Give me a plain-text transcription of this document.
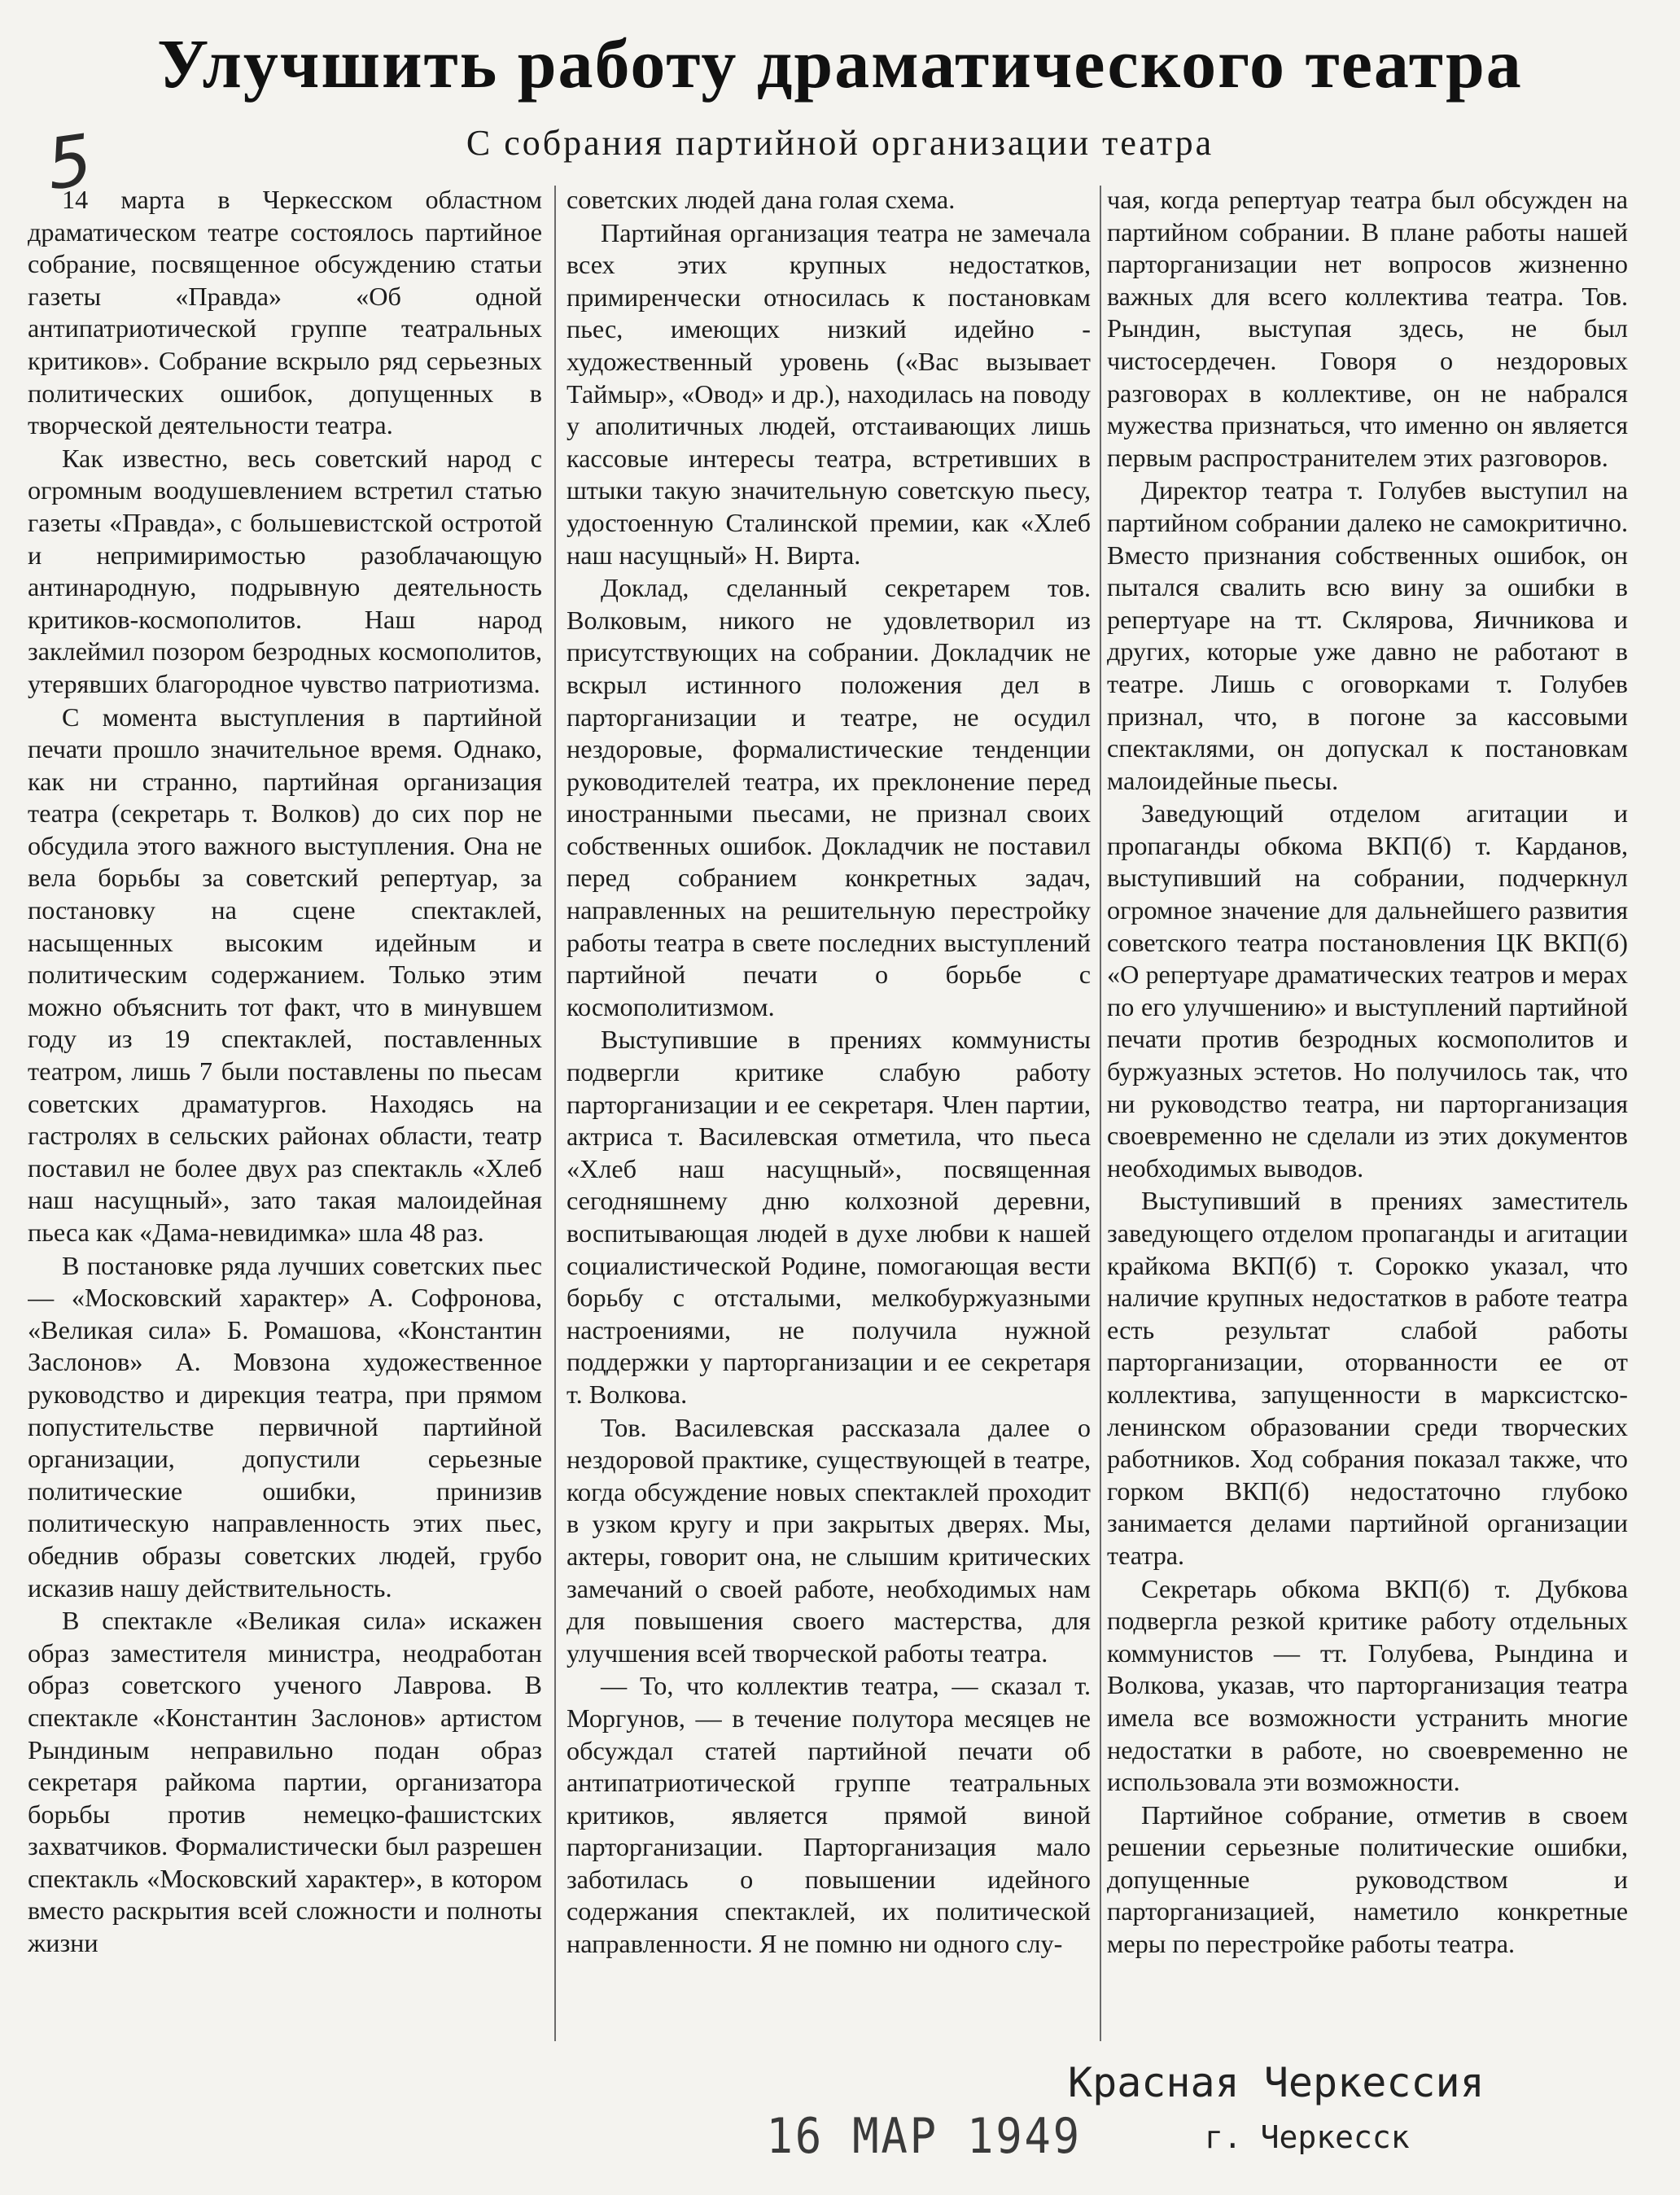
5
Улучшить работу драматического театра
С собрания партийной организации театра

14 марта в Черкесском областном драматическом театре состоялось партийное собрание, посвященное обсуждению статьи газеты «Правда» «Об одной антипатриотической группе театральных критиков». Собрание вскрыло ряд серьезных политических ошибок, допущенных в творческой деятельности театра.

Как известно, весь советский народ с огромным воодушевлением встретил статью газеты «Правда», с большевистской остротой и непримиримостью разоблачающую антинародную, подрывную деятельность критиков-космополитов. Наш народ заклеймил позором безродных космополитов, утерявших благородное чувство патриотизма.

С момента выступления в партийной печати прошло значительное время. Однако, как ни странно, партийная организация театра (секретарь т. Волков) до сих пор не обсудила этого важного выступления. Она не вела борьбы за советский репертуар, за постановку на сцене спектаклей, насыщенных высоким идейным и политическим содержанием. Только этим можно объяснить тот факт, что в минувшем году из 19 спектаклей, поставленных театром, лишь 7 были поставлены по пьесам советских драматургов. Находясь на гастролях в сельских районах области, театр поставил не более двух раз спектакль «Хлеб наш насущный», зато такая малоидейная пьеса как «Дама-невидимка» шла 48 раз.

В постановке ряда лучших советских пьес — «Московский характер» А. Софронова, «Великая сила» Б. Ромашова, «Константин Заслонов» А. Мовзона художественное руководство и дирекция театра, при прямом попустительстве первичной партийной организации, допустили серьезные политические ошибки, принизив политическую направленность этих пьес, обеднив образы советских людей, грубо исказив нашу действительность.

В спектакле «Великая сила» искажен образ заместителя министра, неодработан образ советского ученого Лаврова. В спектакле «Константин Заслонов» артистом Рындиным неправильно подан образ секретаря райкома партии, организатора борьбы против немецко-фашистских захватчиков. Формалистически был разрешен спектакль «Московский характер», в котором вместо раскрытия всей сложности и полноты жизни

советских людей дана голая схема.

Партийная организация театра не замечала всех этих крупных недостатков, примиренчески относилась к постановкам пьес, имеющих низкий идейно - художественный уровень («Вас вызывает Таймыр», «Овод» и др.), находилась на поводу у аполитичных людей, отстаивающих лишь кассовые интересы театра, встретивших в штыки такую значительную советскую пьесу, удостоенную Сталинской премии, как «Хлеб наш насущный» Н. Вирта.

Доклад, сделанный секретарем тов. Волковым, никого не удовлетворил из присутствующих на собрании. Докладчик не вскрыл истинного положения дел в парторганизации и театре, не осудил нездоровые, формалистические тенденции руководителей театра, их преклонение перед иностранными пьесами, не признал своих собственных ошибок. Докладчик не поставил перед собранием конкретных задач, направленных на решительную перестройку работы театра в свете последних выступлений партийной печати о борьбе с космополитизмом.

Выступившие в прениях коммунисты подвергли критике слабую работу парторганизации и ее секретаря. Член партии, актриса т. Василевская отметила, что пьеса «Хлеб наш насущный», посвященная сегодняшнему дню колхозной деревни, воспитывающая людей в духе любви к нашей социалистической Родине, помогающая вести борьбу с отсталыми, мелкобуржуазными настроениями, не получила нужной поддержки у парторганизации и ее секретаря т. Волкова.

Тов. Василевская рассказала далее о нездоровой практике, существующей в театре, когда обсуждение новых спектаклей проходит в узком кругу и при закрытых дверях. Мы, актеры, говорит она, не слышим критических замечаний о своей работе, необходимых нам для повышения своего мастерства, для улучшения всей творческой работы театра.

— То, что коллектив театра, — сказал т. Моргунов, — в течение полутора месяцев не обсуждал статей партийной печати об антипатриотической группе театральных критиков, является прямой виной парторганизации. Парторганизация мало заботилась о повышении идейного содержания спектаклей, их политической направленности. Я не помню ни одного слу-

чая, когда репертуар театра был обсужден на партийном собрании. В плане работы нашей парторганизации нет вопросов жизненно важных для всего коллектива театра. Тов. Рындин, выступая здесь, не был чистосердечен. Говоря о нездоровых разговорах в коллективе, он не набрался мужества признаться, что именно он является первым распространителем этих разговоров.

Директор театра т. Голубев выступил на партийном собрании далеко не самокритично. Вместо признания собственных ошибок, он пытался свалить всю вину за ошибки в репертуаре на тт. Склярова, Яичникова и других, которые уже давно не работают в театре. Лишь с оговорками т. Голубев признал, что, в погоне за кассовыми спектаклями, он допускал к постановкам малоидейные пьесы.

Заведующий отделом агитации и пропаганды обкома ВКП(б) т. Карданов, выступивший на собрании, подчеркнул огромное значение для дальнейшего развития советского театра постановления ЦК ВКП(б) «О репертуаре драматических театров и мерах по его улучшению» и выступлений партийной печати против безродных космополитов и буржуазных эстетов. Но получилось так, что ни руководство театра, ни парторганизация своевременно не сделали из этих документов необходимых выводов.

Выступивший в прениях заместитель заведующего отделом пропаганды и агитации крайкома ВКП(б) т. Сорокко указал, что наличие крупных недостатков в работе театра есть результат слабой работы парторганизации, оторванности ее от коллектива, запущенности в марксистско-ленинском образовании среди творческих работников. Ход собрания показал также, что горком ВКП(б) недостаточно глубоко занимается делами партийной организации театра.

Секретарь обкома ВКП(б) т. Дубкова подвергла резкой критике работу отдельных коммунистов — тт. Голубева, Рындина и Волкова, указав, что парторганизация театра имела все возможности устранить многие недостатки в работе, но своевременно не использовала эти возможности.

Партийное собрание, отметив в своем решении серьезные политические ошибки, допущенные руководством и парторганизацией, наметило конкретные меры по перестройке работы театра.

16 МАР 1949
Красная Черкессия
г. Черкесск
